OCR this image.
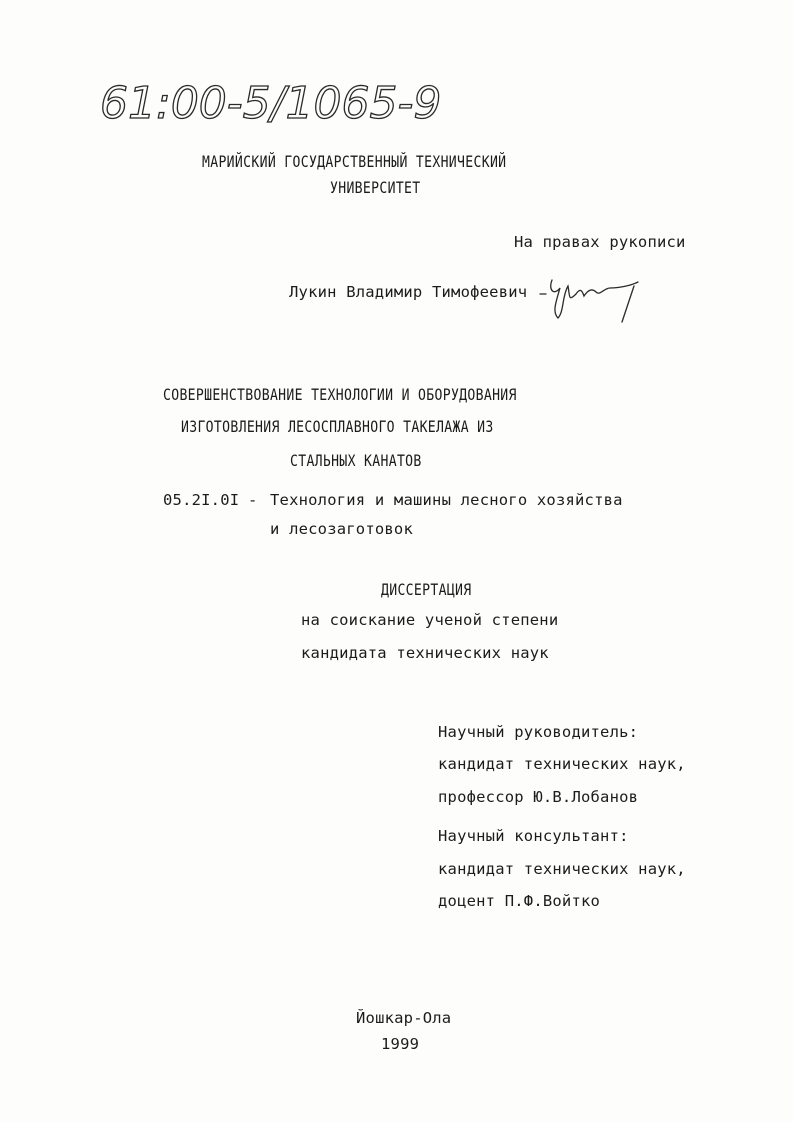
61:00-5/1065-9
МАРИЙСКИЙ ГОСУДАРСТВЕННЫЙ ТЕХНИЧЕСКИЙ
УНИВЕРСИТЕТ
На правах рукописи
Лукин Владимир Тимофеевич
СОВЕРШЕНСТВОВАНИЕ ТЕХНОЛОГИИ И ОБОРУДОВАНИЯ
ИЗГОТОВЛЕНИЯ ЛЕСОСПЛАВНОГО ТАКЕЛАЖА ИЗ
СТАЛЬНЫХ КАНАТОВ
05.2I.0I - Технология и машины лесного хозяйства
и лесозаготовок
ДИССЕРТАЦИЯ
на соискание ученой степени
кандидата технических наук
Научный руководитель:
кандидат технических наук,
профессор Ю.В.Лобанов
Научный консультант:
кандидат технических наук,
доцент П.Ф.Войтко
Йошкар-Ола
1999
